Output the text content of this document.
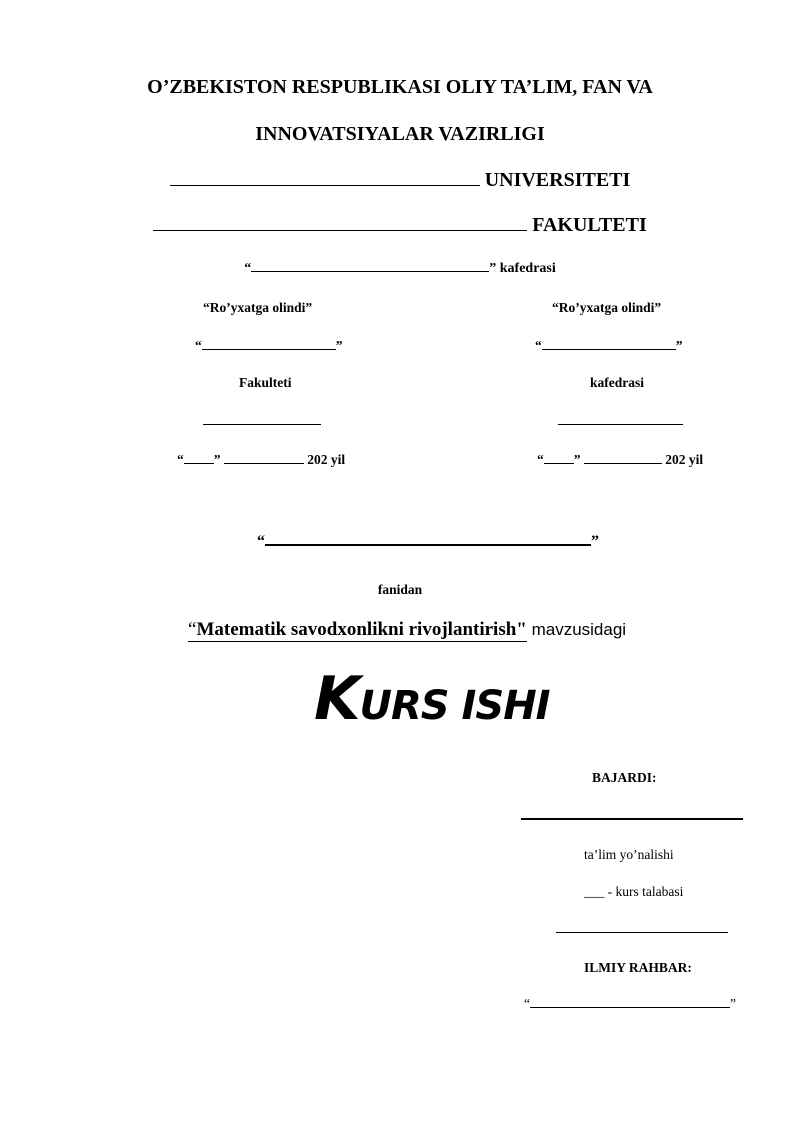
O’ZBEKISTON RESPUBLIKASI OLIY TA’LIM, FAN VA
INNOVATSIYALAR VAZIRLIGI
UNIVERSITETI
FAKULTETI
“	” kafedrasi
“Ro’yxatga olindi”
“	”
Fakulteti
“ ”	202 yil
“Ro’yxatga olindi”
“	”
kafedrasi
“ ”	202 yil
“	”
fanidan
“Matematik savodxonlikni rivojlantirish" mavzusidagi
KURS ISHI
BAJARDI:
ta’lim yo’nalishi
___ - kurs talabasi
ILMIY RAHBAR:
“	”
